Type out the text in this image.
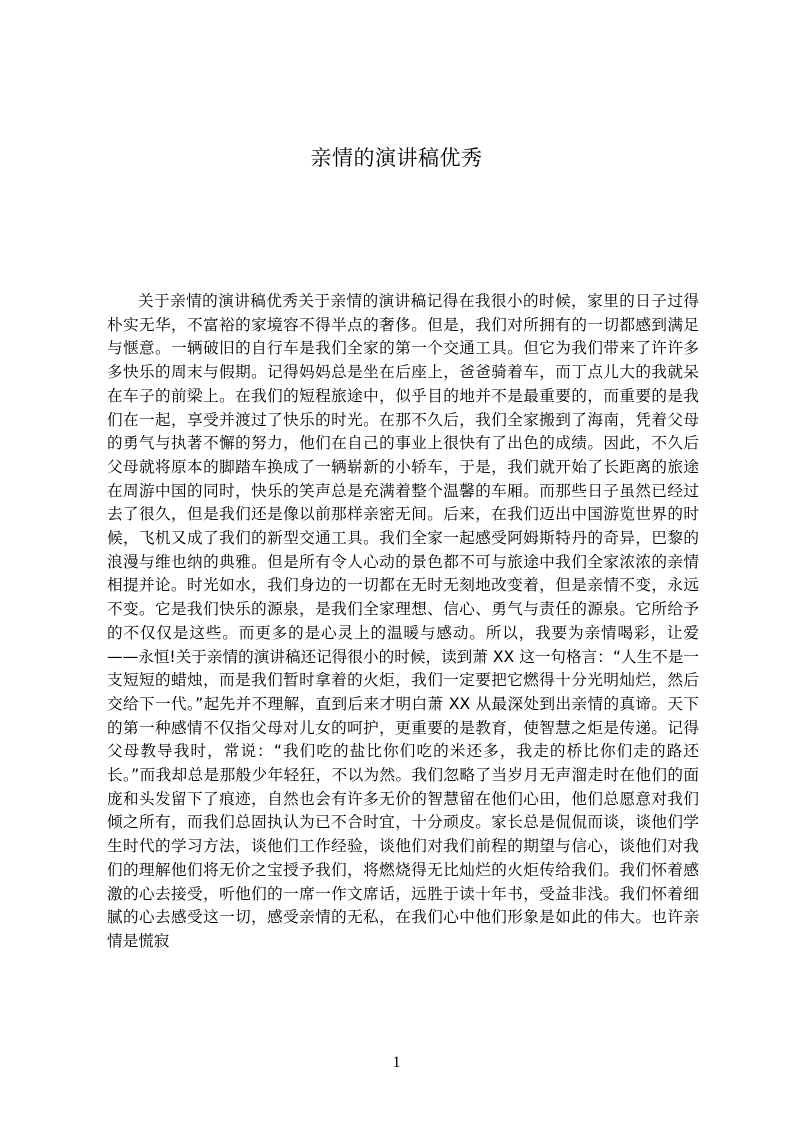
亲情的演讲稿优秀

关于亲情的演讲稿优秀关于亲情的演讲稿记得在我很小的时候，家里的日子过得朴实无华，不富裕的家境容不得半点的奢侈。但是，我们对所拥有的一切都感到满足与惬意。一辆破旧的自行车是我们全家的第一个交通工具。但它为我们带来了许许多多快乐的周末与假期。记得妈妈总是坐在后座上，爸爸骑着车，而丁点儿大的我就呆在车子的前梁上。在我们的短程旅途中，似乎目的地并不是最重要的，而重要的是我们在一起，享受并渡过了快乐的时光。在那不久后，我们全家搬到了海南，凭着父母的勇气与执著不懈的努力，他们在自己的事业上很快有了出色的成绩。因此，不久后父母就将原本的脚踏车换成了一辆崭新的小轿车，于是，我们就开始了长距离的旅途在周游中国的同时，快乐的笑声总是充满着整个温馨的车厢。而那些日子虽然已经过去了很久，但是我们还是像以前那样亲密无间。后来，在我们迈出中国游览世界的时候，飞机又成了我们的新型交通工具。我们全家一起感受阿姆斯特丹的奇异，巴黎的浪漫与维也纳的典雅。但是所有令人心动的景色都不可与旅途中我们全家浓浓的亲情相提并论。时光如水，我们身边的一切都在无时无刻地改变着，但是亲情不变，永远不变。它是我们快乐的源泉，是我们全家理想、信心、勇气与责任的源泉。它所给予的不仅仅是这些。而更多的是心灵上的温暖与感动。所以，我要为亲情喝彩，让爱——永恒!关于亲情的演讲稿还记得很小的时候，读到萧 XX 这一句格言：“人生不是一支短短的蜡烛，而是我们暂时拿着的火炬，我们一定要把它燃得十分光明灿烂，然后交给下一代。”起先并不理解，直到后来才明白萧 XX 从最深处到出亲情的真谛。天下的第一种感情不仅指父母对儿女的呵护，更重要的是教育，使智慧之炬是传递。记得父母教导我时，常说：“我们吃的盐比你们吃的米还多，我走的桥比你们走的路还长。”而我却总是那般少年轻狂，不以为然。我们忽略了当岁月无声溜走时在他们的面庞和头发留下了痕迹，自然也会有许多无价的智慧留在他们心田，他们总愿意对我们倾之所有，而我们总固执认为已不合时宜，十分顽皮。家长总是侃侃而谈，谈他们学生时代的学习方法，谈他们工作经验，谈他们对我们前程的期望与信心，谈他们对我们的理解他们将无价之宝授予我们，将燃烧得无比灿烂的火炬传给我们。我们怀着感激的心去接受，听他们的一席一作文席话，远胜于读十年书，受益非浅。我们怀着细腻的心去感受这一切，感受亲情的无私，在我们心中他们形象是如此的伟大。也许亲情是慌寂

1
